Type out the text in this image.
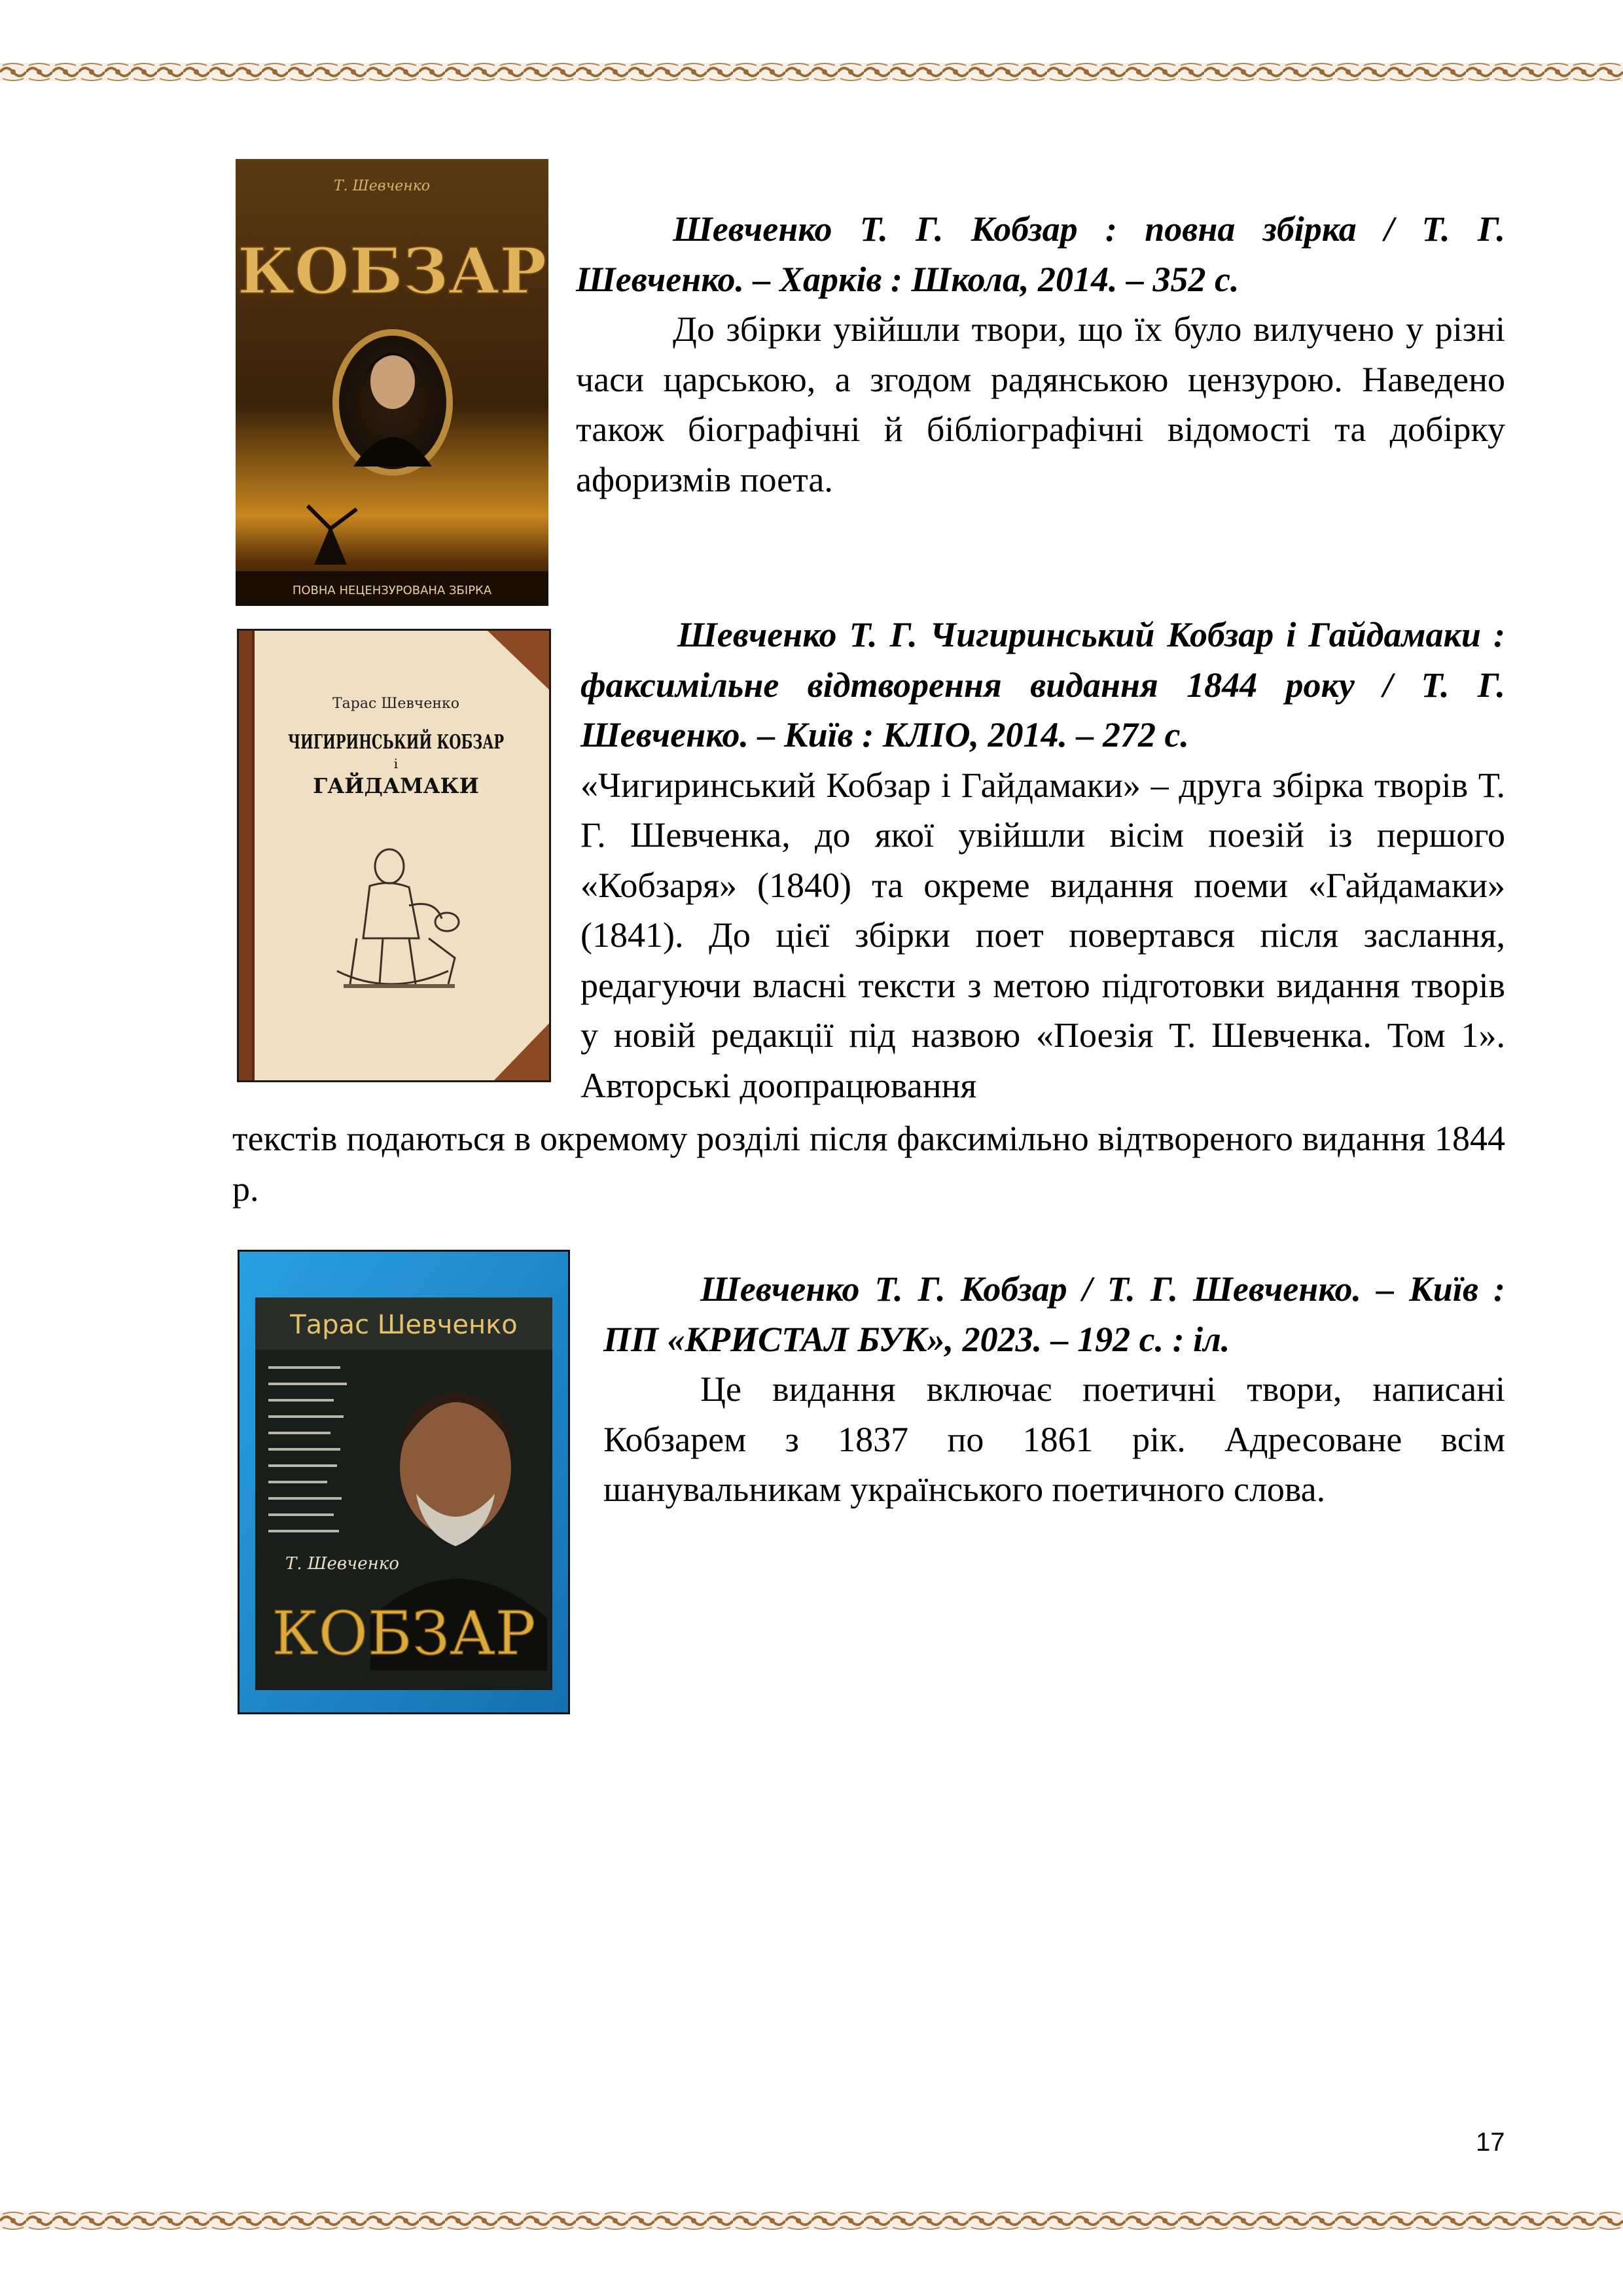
Т. Шевченко
КОБЗАР
ПОВНА НЕЦЕНЗУРОВАНА ЗБІРКА

Шевченко Т. Г. Кобзар : повна збірка / Т. Г. Шевченко. – Харків : Школа, 2014. – 352 с.

До збірки увійшли твори, що їх було вилучено у різні часи царською, а згодом радянською цензурою. Наведено також біографічні й бібліографічні відомості та добірку афоризмів поета.

Тарас Шевченко
ЧИГИРИНСЬКИЙ КОБЗАР
і
ГАЙДАМАКИ

Шевченко Т. Г. Чигиринський Кобзар і Гайдамаки : факсимільне відтворення видання 1844 року / Т. Г. Шевченко. – Київ : КЛІО, 2014. – 272 с.

«Чигиринський Кобзар і Гайдамаки» – друга збірка творів Т. Г. Шевченка, до якої увійшли вісім поезій із першого «Кобзаря» (1840) та окреме видання поеми «Гайдамаки» (1841). До цієї збірки поет повертався після заслання, редагуючи власні тексти з метою підготовки видання творів у новій редакції під назвою «Поезія Т. Шевченка. Том 1». Авторські доопрацювання

текстів подаються в окремому розділі після факсимільно відтвореного видання 1844 р.

Тарас Шевченко
Т. Шевченко
КОБЗАР

Шевченко Т. Г. Кобзар / Т. Г. Шевченко. – Київ : ПП «КРИСТАЛ БУК», 2023. – 192 с. : іл.

Це видання включає поетичні твори, написані Кобзарем з 1837 по 1861 рік. Адресоване всім шанувальникам українського поетичного слова.

17
